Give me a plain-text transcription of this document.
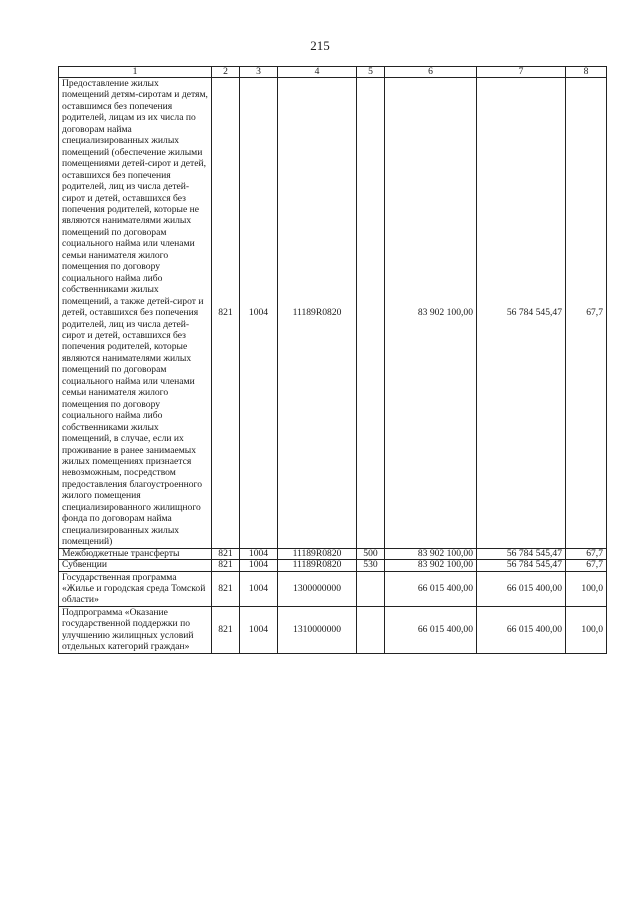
215
1	2	3	4	5	6	7	8
Предоставление жилых помещений детям-сиротам и детям, оставшимся без попечения родителей, лицам из их числа по договорам найма специализированных жилых помещений (обеспечение жилыми помещениями детей-сирот и детей, оставшихся без попечения родителей, лиц из числа детей-сирот и детей, оставшихся без попечения родителей, которые не являются нанимателями жилых помещений по договорам социального найма или членами семьи нанимателя жилого помещения по договору социального найма либо собственниками жилых помещений, а также детей-сирот и детей, оставшихся без попечения родителей, лиц из числа детей-сирот и детей, оставшихся без попечения родителей, которые являются нанимателями жилых помещений по договорам социального найма или членами семьи нанимателя жилого помещения по договору социального найма либо собственниками жилых помещений, в случае, если их проживание в ранее занимаемых жилых помещениях признается невозможным, посредством предоставления благоустроенного жилого помещения специализированного жилищного фонда по договорам найма специализированных жилых помещений)	821	1004	11189R0820		83 902 100,00	56 784 545,47	67,7
Межбюджетные трансферты	821	1004	11189R0820	500	83 902 100,00	56 784 545,47	67,7
Субвенции	821	1004	11189R0820	530	83 902 100,00	56 784 545,47	67,7
Государственная программа «Жилье и городская среда Томской области»	821	1004	1300000000		66 015 400,00	66 015 400,00	100,0
Подпрограмма «Оказание государственной поддержки по улучшению жилищных условий отдельных категорий граждан»	821	1004	1310000000		66 015 400,00	66 015 400,00	100,0
